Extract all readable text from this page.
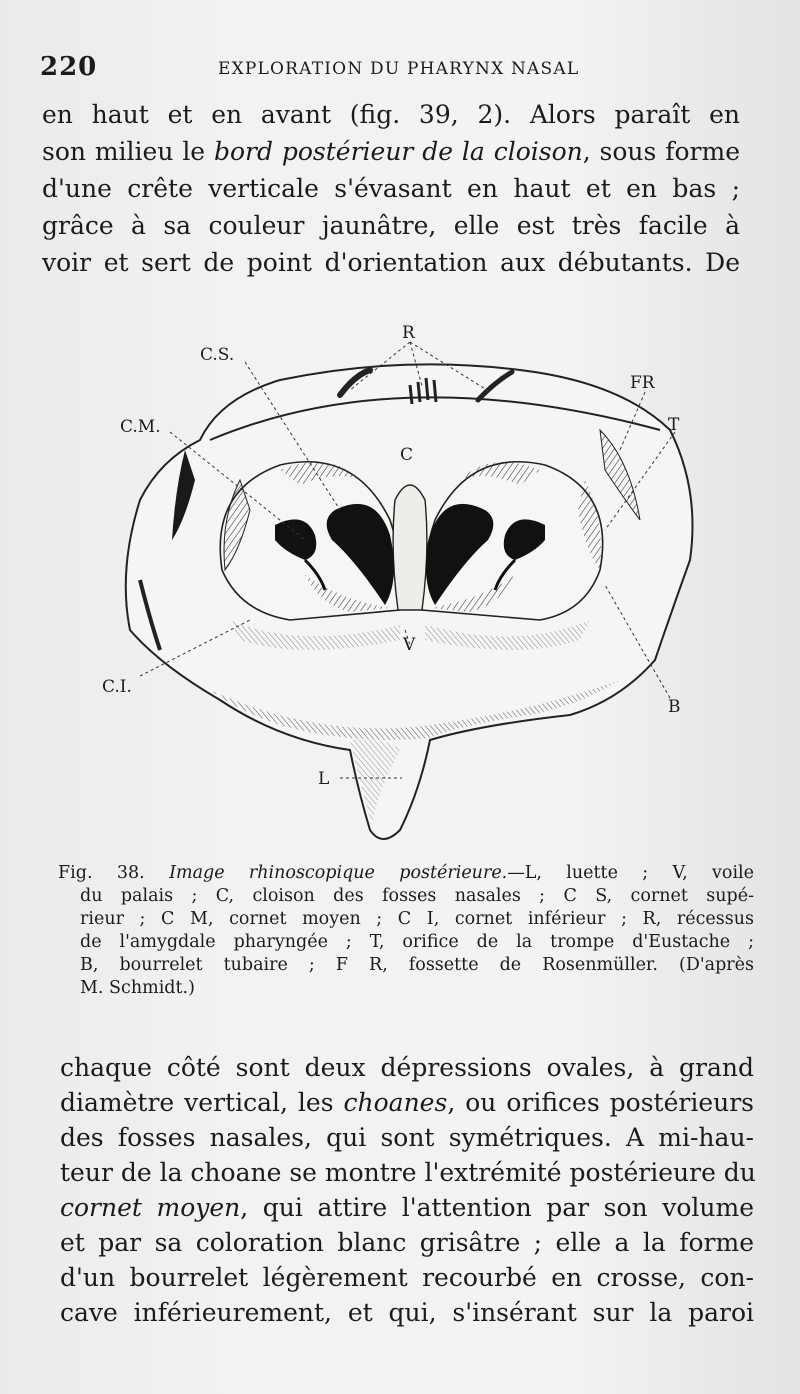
220	EXPLORATION DU PHARYNX NASAL
en haut et en avant (fig. 39, 2). Alors paraît en
son milieu le bord postérieur de la cloison, sous forme
d'une crête verticale s'évasant en haut et en bas ;
grâce à sa couleur jaunâtre, elle est très facile à
voir et sert de point d'orientation aux débutants. De
C.S.
R
FR
C.M.
C
T
V
C.I.
B
L
Fig. 38. Image rhinoscopique postérieure.—L, luette ; V, voile
du palais ; C, cloison des fosses nasales ; C S, cornet supé-
rieur ; C M, cornet moyen ; C I, cornet inférieur ; R, récessus
de l'amygdale pharyngée ; T, orifice de la trompe d'Eustache ;
B, bourrelet tubaire ; F R, fossette de Rosenmüller. (D'après
M. Schmidt.)
chaque côté sont deux dépressions ovales, à grand
diamètre vertical, les choanes, ou orifices postérieurs
des fosses nasales, qui sont symétriques. A mi-hau-
teur de la choane se montre l'extrémité postérieure du
cornet moyen, qui attire l'attention par son volume
et par sa coloration blanc grisâtre ; elle a la forme
d'un bourrelet légèrement recourbé en crosse, con-
cave inférieurement, et qui, s'insérant sur la paroi
